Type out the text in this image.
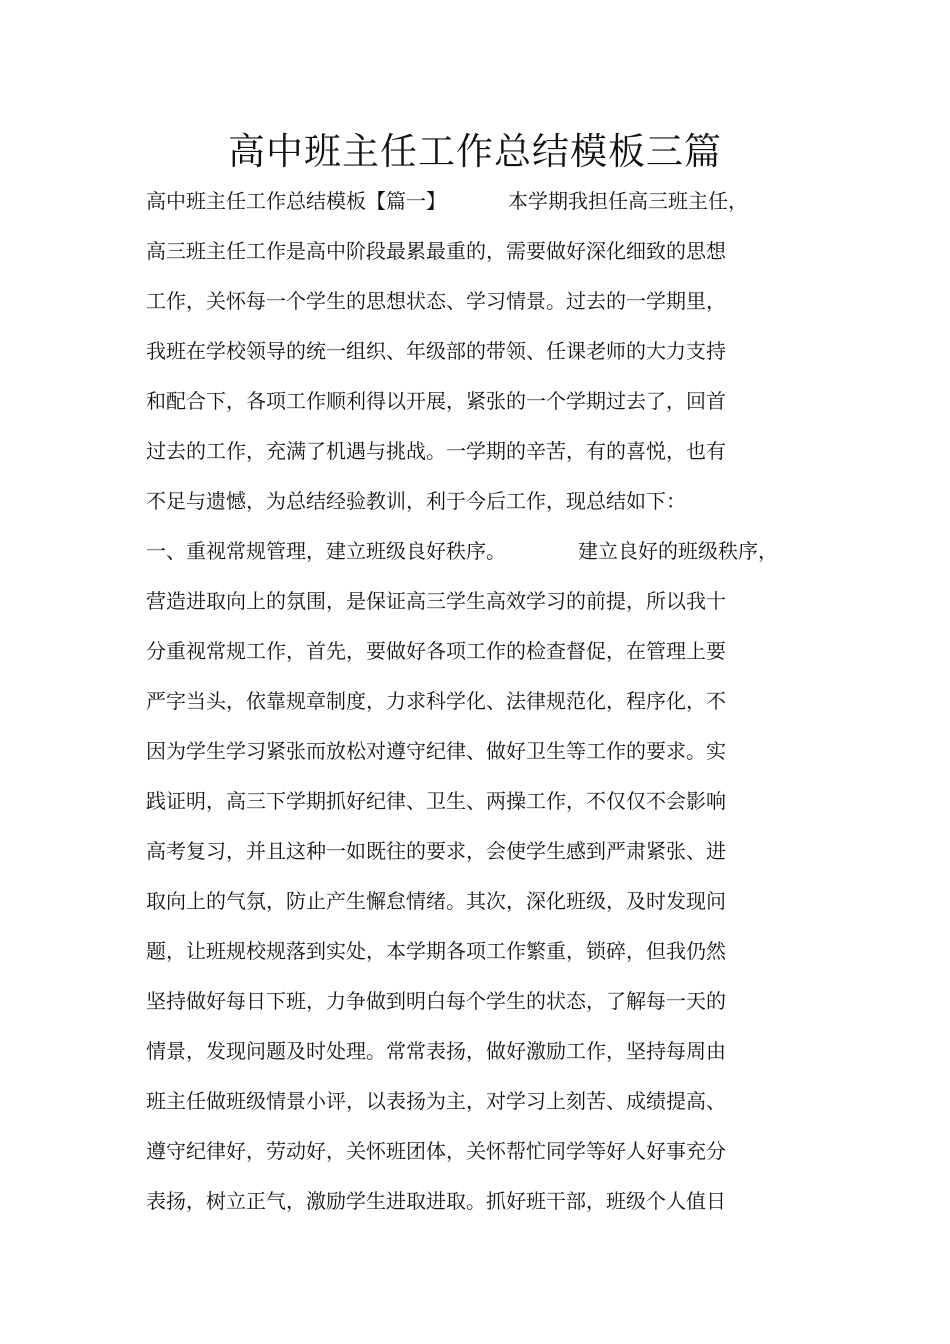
高中班主任工作总结模板三篇
高中班主任工作总结模板【篇一】	本学期我担任高三班主任，
高三班主任工作是高中阶段最累最重的，需要做好深化细致的思想
工作，关怀每一个学生的思想状态、学习情景。过去的一学期里，
我班在学校领导的统一组织、年级部的带领、任课老师的大力支持
和配合下，各项工作顺利得以开展，紧张的一个学期过去了，回首
过去的工作，充满了机遇与挑战。一学期的辛苦，有的喜悦，也有
不足与遗憾，为总结经验教训，利于今后工作，现总结如下：
一、重视常规管理，建立班级良好秩序。	建立良好的班级秩序，
营造进取向上的氛围，是保证高三学生高效学习的前提，所以我十
分重视常规工作，首先，要做好各项工作的检查督促，在管理上要
严字当头，依靠规章制度，力求科学化、法律规范化，程序化，不
因为学生学习紧张而放松对遵守纪律、做好卫生等工作的要求。实
践证明，高三下学期抓好纪律、卫生、两操工作，不仅仅不会影响
高考复习，并且这种一如既往的要求，会使学生感到严肃紧张、进
取向上的气氛，防止产生懈怠情绪。其次，深化班级，及时发现问
题，让班规校规落到实处，本学期各项工作繁重，锁碎，但我仍然
坚持做好每日下班，力争做到明白每个学生的状态，了解每一天的
情景，发现问题及时处理。常常表扬，做好激励工作，坚持每周由
班主任做班级情景小评，以表扬为主，对学习上刻苦、成绩提高、
遵守纪律好，劳动好，关怀班团体，关怀帮忙同学等好人好事充分
表扬，树立正气，激励学生进取进取。抓好班干部，班级个人值日
